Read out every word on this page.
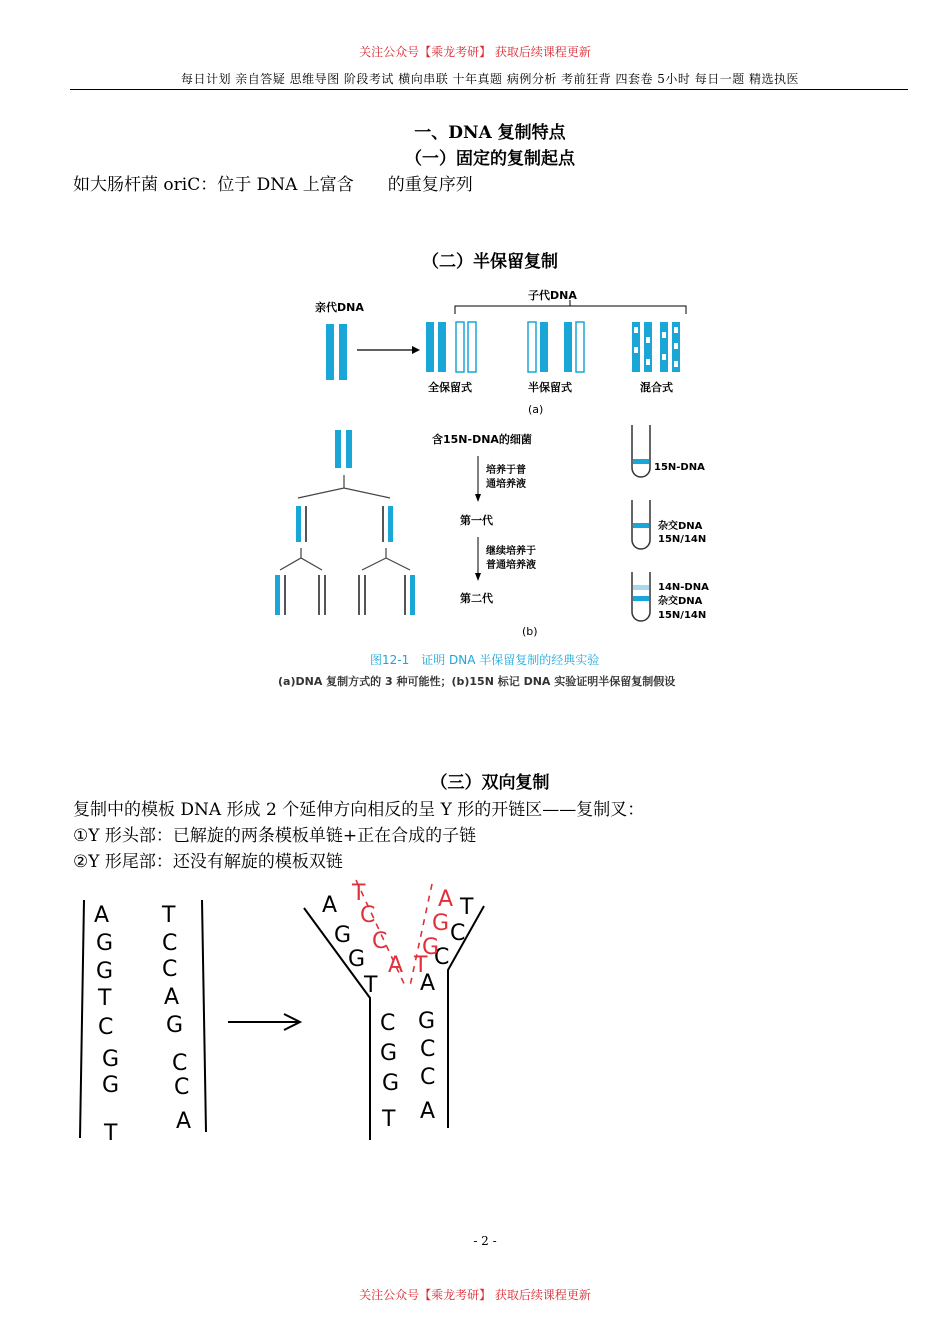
关注公众号【乘龙考研】 获取后续课程更新
每日计划 亲自答疑 思维导图 阶段考试 横向串联 十年真题 病例分析 考前狂背 四套卷 5小时 每日一题 精选执医
一、DNA 复制特点
（一）固定的复制起点
如大肠杆菌 oriC：位于 DNA 上富含　　的重复序列
（二）半保留复制
亲代DNA
子代DNA
全保留式	半保留式	混合式
(a)
含15N-DNA的细菌
培养于普
通培养液
第一代
继续培养于
普通培养液
第二代
15N-DNA
杂交DNA
15N/14N
14N-DNA
杂交DNA
15N/14N
(b)
图12-1　证明 DNA 半保留复制的经典实验
(a)DNA 复制方式的 3 种可能性；(b)15N 标记 DNA 实验证明半保留复制假设
（三）双向复制
复制中的模板 DNA 形成 2 个延伸方向相反的呈 Y 形的开链区——复制叉：
①Y 形头部：已解旋的两条模板单链+正在合成的子链
②Y 形尾部：还没有解旋的模板双链
A
G
G
T
C
G
G
T
T
C
C
A
G
C
C
A
A
G
G
T
T
C
C
A
T
C
C
A
A
G
G
T
C
G
G
T
G
C
C
A
- 2 -
关注公众号【乘龙考研】 获取后续课程更新
